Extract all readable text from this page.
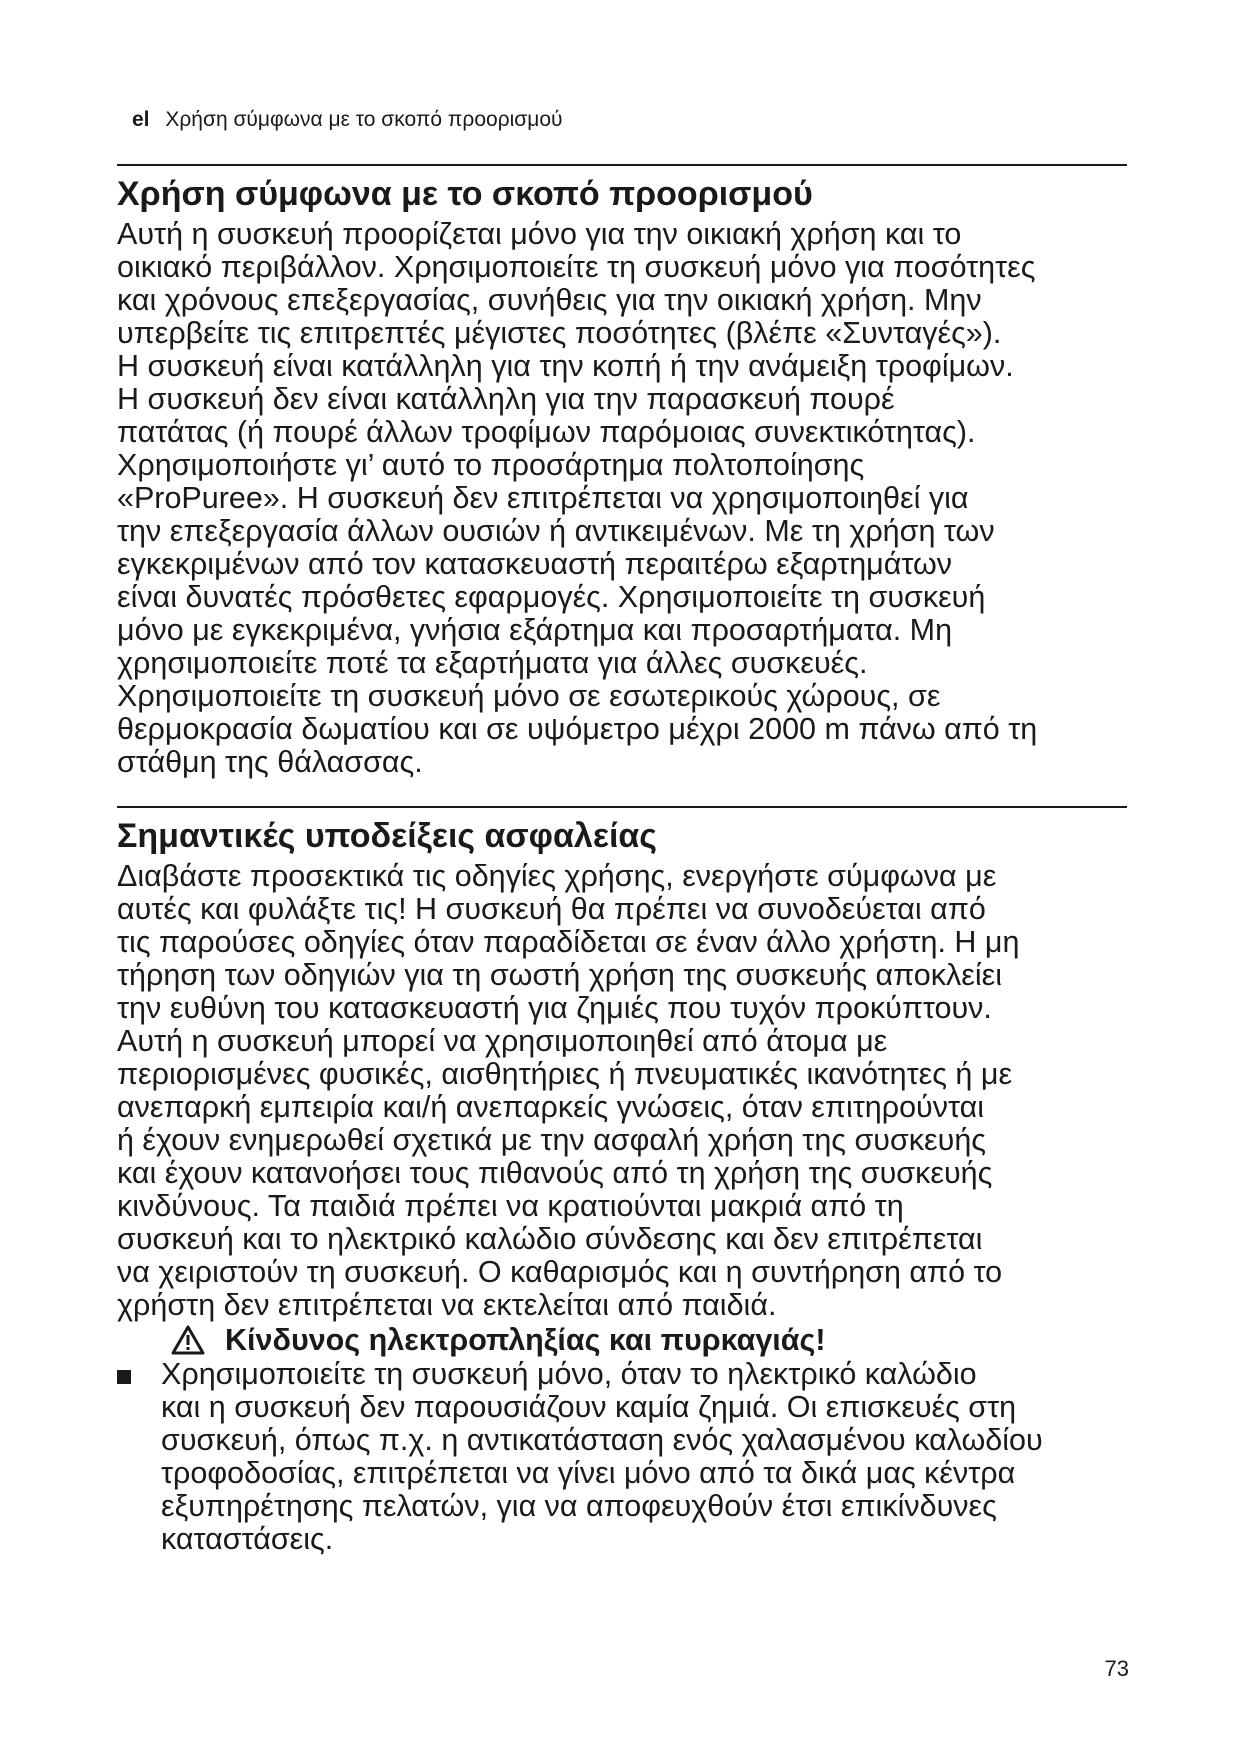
el Χρήση σύμφωνα με το σκοπό προορισμού
Χρήση σύμφωνα με το σκοπό προορισμού
Αυτή η συσκευή προορίζεται μόνο για την οικιακή χρήση και το
οικιακό περιβάλλον. Χρησιμοποιείτε τη συσκευή μόνο για ποσότητες
και χρόνους επεξεργασίας, συνήθεις για την οικιακή χρήση. Μην
υπερβείτε τις επιτρεπτές μέγιστες ποσότητες (βλέπε «Συνταγές»).
Η συσκευή είναι κατάλληλη για την κοπή ή την ανάμειξη τροφίμων.
Η συσκευή δεν είναι κατάλληλη για την παρασκευή πουρέ
πατάτας (ή πουρέ άλλων τροφίμων παρόμοιας συνεκτικότητας).
Χρησιμοποιήστε γι’ αυτό το προσάρτημα πολτοποίησης
«ProPuree». Η συσκευή δεν επιτρέπεται να χρησιμοποιηθεί για
την επεξεργασία άλλων ουσιών ή αντικειμένων. Με τη χρήση των
εγκεκριμένων από τον κατασκευαστή περαιτέρω εξαρτημάτων
είναι δυνατές πρόσθετες εφαρμογές. Χρησιμοποιείτε τη συσκευή
μόνο με εγκεκριμένα, γνήσια εξάρτημα και προσαρτήματα. Μη
χρησιμοποιείτε ποτέ τα εξαρτήματα για άλλες συσκευές.
Χρησιμοποιείτε τη συσκευή μόνο σε εσωτερικούς χώρους, σε
θερμοκρασία δωματίου και σε υψόμετρο μέχρι 2000 m πάνω από τη
στάθμη της θάλασσας.
Σημαντικές υποδείξεις ασφαλείας
Διαβάστε προσεκτικά τις οδηγίες χρήσης, ενεργήστε σύμφωνα με
αυτές και φυλάξτε τις! Η συσκευή θα πρέπει να συνοδεύεται από
τις παρούσες οδηγίες όταν παραδίδεται σε έναν άλλο χρήστη. Η μη
τήρηση των οδηγιών για τη σωστή χρήση της συσκευής αποκλείει
την ευθύνη του κατασκευαστή για ζημιές που τυχόν προκύπτουν.
Αυτή η συσκευή μπορεί να χρησιμοποιηθεί από άτομα με
περιορισμένες φυσικές, αισθητήριες ή πνευματικές ικανότητες ή με
ανεπαρκή εμπειρία και/ή ανεπαρκείς γνώσεις, όταν επιτηρούνται
ή έχουν ενημερωθεί σχετικά με την ασφαλή χρήση της συσκευής
και έχουν κατανοήσει τους πιθανούς από τη χρήση της συσκευής
κινδύνους. Τα παιδιά πρέπει να κρατιούνται μακριά από τη
συσκευή και το ηλεκτρικό καλώδιο σύνδεσης και δεν επιτρέπεται
να χειριστούν τη συσκευή. Ο καθαρισμός και η συντήρηση από το
χρήστη δεν επιτρέπεται να εκτελείται από παιδιά.
Κίνδυνος ηλεκτροπληξίας και πυρκαγιάς!
Χρησιμοποιείτε τη συσκευή μόνο, όταν το ηλεκτρικό καλώδιο
και η συσκευή δεν παρουσιάζουν καμία ζημιά. Οι επισκευές στη
συσκευή, όπως π.χ. η αντικατάσταση ενός χαλασμένου καλωδίου
τροφοδοσίας, επιτρέπεται να γίνει μόνο από τα δικά μας κέντρα
εξυπηρέτησης πελατών, για να αποφευχθούν έτσι επικίνδυνες
καταστάσεις.
73
